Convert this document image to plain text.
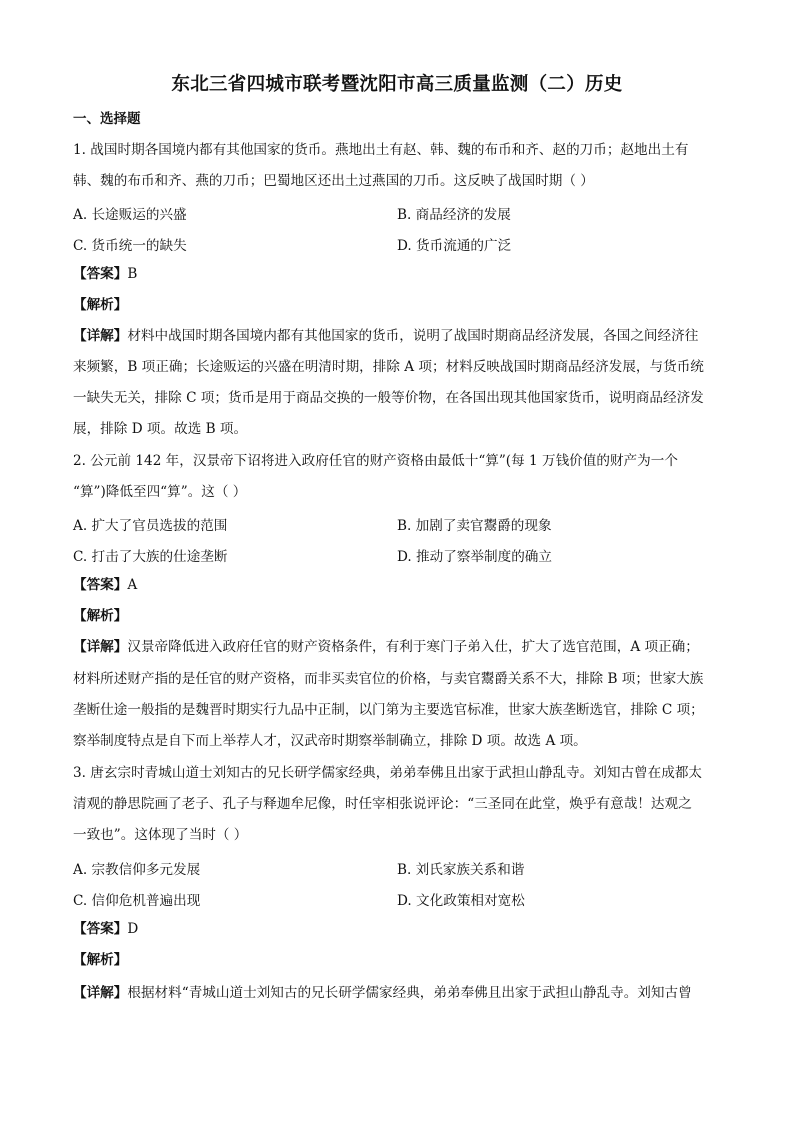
东北三省四城市联考暨沈阳市高三质量监测（二）历史
一、选择题
1. 战国时期各国境内都有其他国家的货币。燕地出土有赵、韩、魏的布币和齐、赵的刀币；赵地出土有
韩、魏的布币和齐、燕的刀币；巴蜀地区还出土过燕国的刀币。这反映了战国时期（ ）
A. 长途贩运的兴盛	B. 商品经济的发展
C. 货币统一的缺失	D. 货币流通的广泛
【答案】B
【解析】
【详解】材料中战国时期各国境内都有其他国家的货币，说明了战国时期商品经济发展，各国之间经济往
来频繁，B 项正确；长途贩运的兴盛在明清时期，排除 A 项；材料反映战国时期商品经济发展，与货币统
一缺失无关，排除 C 项；货币是用于商品交换的一般等价物，在各国出现其他国家货币，说明商品经济发
展，排除 D 项。故选 B 项。
2. 公元前 142 年，汉景帝下诏将进入政府任官的财产资格由最低十“算”(每 1 万钱价值的财产为一个
“算”)降低至四“算”。这（ ）
A. 扩大了官员选拔的范围	B. 加剧了卖官鬻爵的现象
C. 打击了大族的仕途垄断	D. 推动了察举制度的确立
【答案】A
【解析】
【详解】汉景帝降低进入政府任官的财产资格条件，有利于寒门子弟入仕，扩大了选官范围，A 项正确；
材料所述财产指的是任官的财产资格，而非买卖官位的价格，与卖官鬻爵关系不大，排除 B 项；世家大族
垄断仕途一般指的是魏晋时期实行九品中正制，以门第为主要选官标准，世家大族垄断选官，排除 C 项；
察举制度特点是自下而上举荐人才，汉武帝时期察举制确立，排除 D 项。故选 A 项。
3. 唐玄宗时青城山道士刘知古的兄长研学儒家经典，弟弟奉佛且出家于武担山静乱寺。刘知古曾在成都太
清观的静思院画了老子、孔子与释迦牟尼像，时任宰相张说评论：“三圣同在此堂，焕乎有意哉！达观之
一致也”。这体现了当时（ ）
A. 宗教信仰多元发展	B. 刘氏家族关系和谐
C. 信仰危机普遍出现	D. 文化政策相对宽松
【答案】D
【解析】
【详解】根据材料“青城山道士刘知古的兄长研学儒家经典，弟弟奉佛且出家于武担山静乱寺。刘知古曾
